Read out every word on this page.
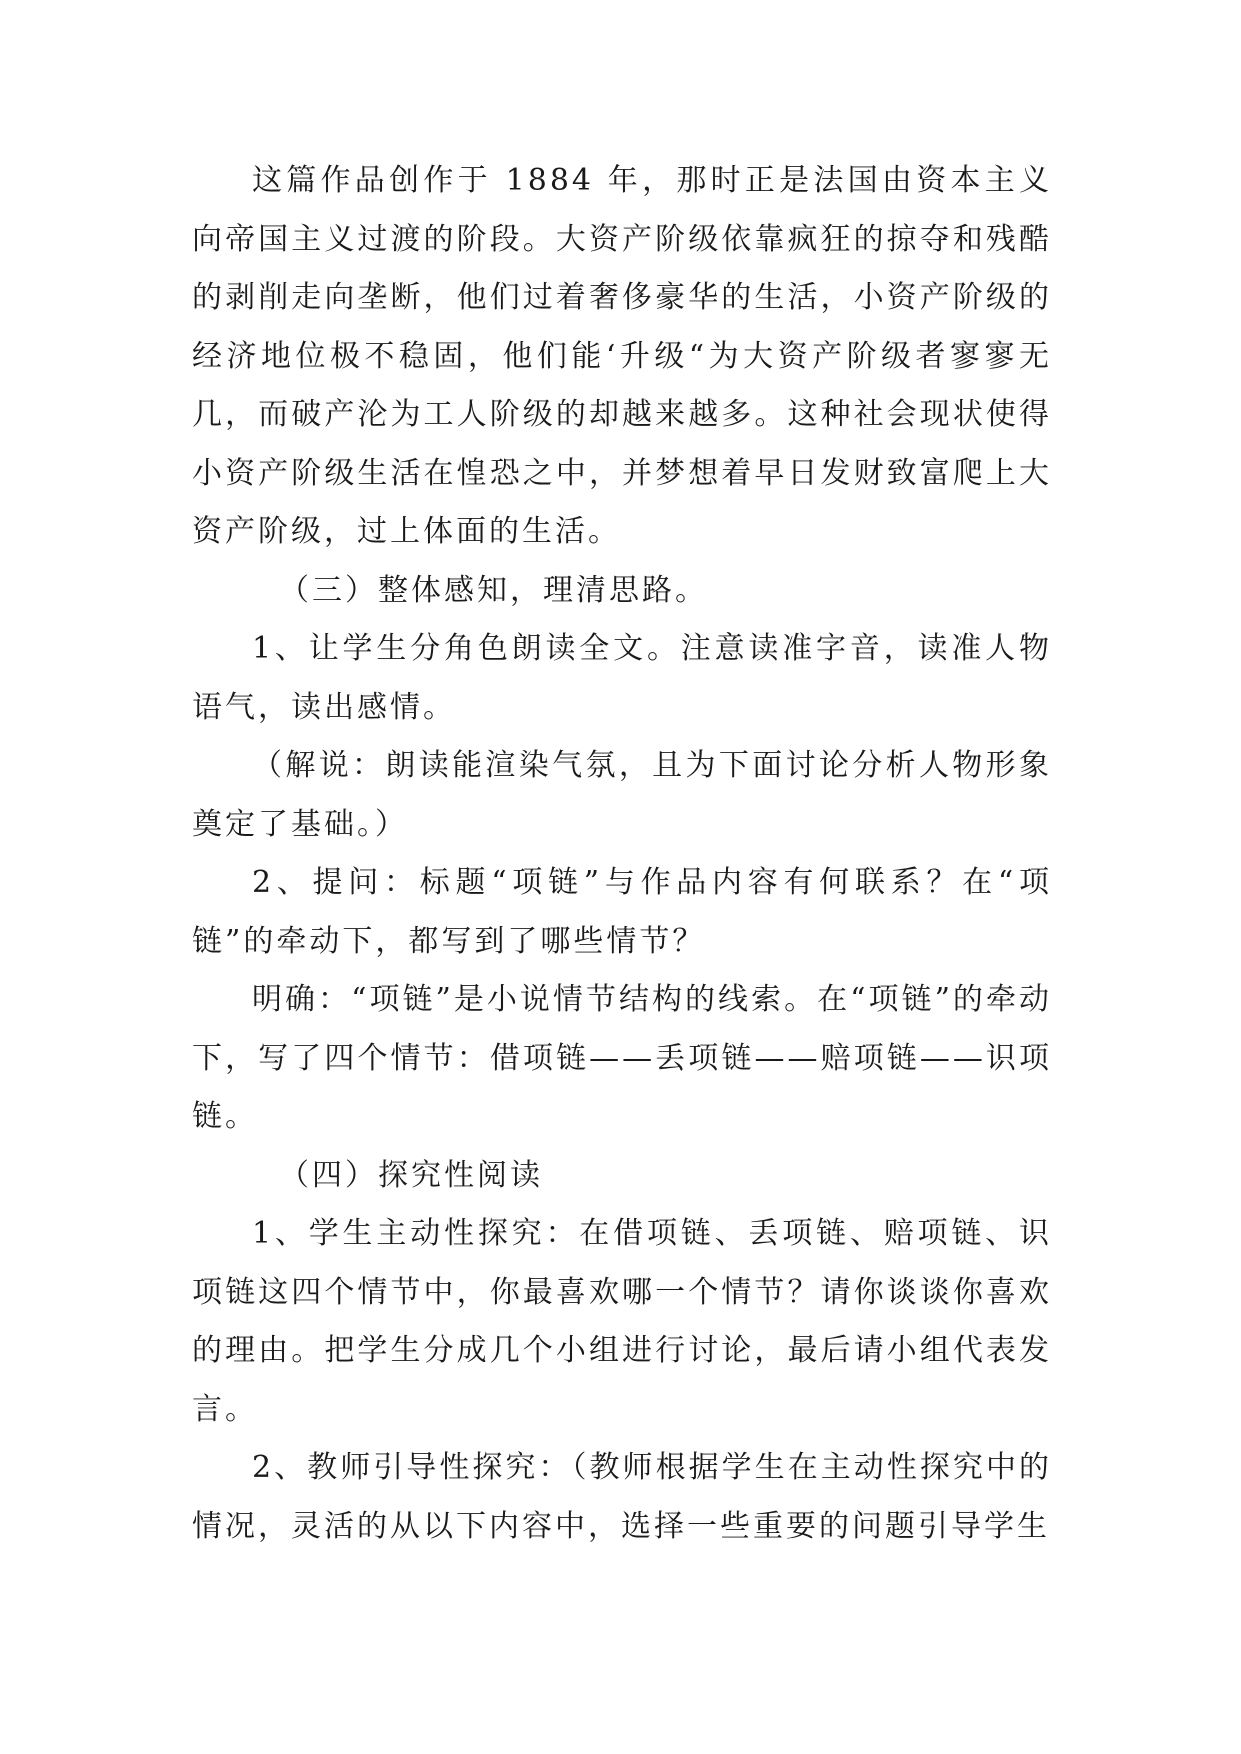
这篇作品创作于 1884 年，那时正是法国由资本主义向帝国主义过渡的阶段。大资产阶级依靠疯狂的掠夺和残酷的剥削走向垄断，他们过着奢侈豪华的生活，小资产阶级的经济地位极不稳固，他们能‘升级“为大资产阶级者寥寥无几，而破产沦为工人阶级的却越来越多。这种社会现状使得小资产阶级生活在惶恐之中，并梦想着早日发财致富爬上大资产阶级，过上体面的生活。

（三）整体感知，理清思路。

1、让学生分角色朗读全文。注意读准字音，读准人物语气，读出感情。

（解说：朗读能渲染气氛，且为下面讨论分析人物形象奠定了基础。）

2、提问：标题“项链”与作品内容有何联系？在“项链”的牵动下，都写到了哪些情节？

明确：“项链”是小说情节结构的线索。在“项链”的牵动下，写了四个情节：借项链——丢项链——赔项链——识项链。

（四）探究性阅读

1、学生主动性探究：在借项链、丢项链、赔项链、识项链这四个情节中，你最喜欢哪一个情节？请你谈谈你喜欢的理由。把学生分成几个小组进行讨论，最后请小组代表发言。

2、教师引导性探究：（教师根据学生在主动性探究中的情况，灵活的从以下内容中，选择一些重要的问题引导学生
